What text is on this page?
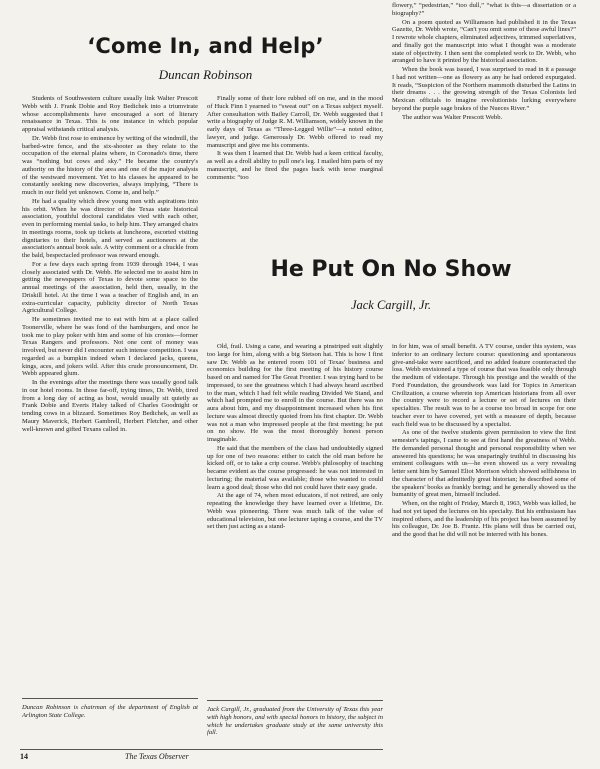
‘Come In, and Help’

Duncan Robinson

Students of Southwestern culture usually link Walter Prescott Webb with J. Frank Dobie and Roy Bedichek into a triumvirate whose accomplishments have encouraged a sort of literary renaissance in Texas. This is one instance in which popular appraisal withstands critical analysis.

Dr. Webb first rose to eminence by writing of the windmill, the barbed-wire fence, and the six-shooter as they relate to the occupation of the eternal plains where, in Coronado's time, there was “nothing but cows and sky.” He became the country's authority on the history of the area and one of the major analysts of the westward movement. Yet to his classes he appeared to be constantly seeking new discoveries, always implying, “There is much in our field yet unknown. Come in, and help.”

He had a quality which drew young men with aspirations into his orbit. When he was director of the Texas state historical association, youthful doctoral candidates vied with each other, even in performing menial tasks, to help him. They arranged chairs in meetings rooms, took up tickets at luncheons, escorted visiting dignitaries to their hotels, and served as auctioneers at the association's annual book sale. A witty comment or a chuckle from the bald, bespectacled professor was reward enough.

For a few days each spring from 1939 through 1944, I was closely associated with Dr. Webb. He selected me to assist him in getting the newspapers of Texas to devote some space to the annual meetings of the association, held then, usually, in the Driskill hotel. At the time I was a teacher of English and, in an extra-curricular capacity, publicity director of North Texas Agricultural College.

He sometimes invited me to eat with him at a place called Toonerville, where he was fond of the hamburgers, and once he took me to play poker with him and some of his cronies—former Texas Rangers and professors. Not one cent of money was involved, but never did I encounter such intense competition. I was regarded as a bumpkin indeed when I declared jacks, queens, kings, aces, and jokers wild. After this crude pronouncement, Dr. Webb appeared glum.

In the evenings after the meetings there was usually good talk in our hotel rooms. In those far-off, trying times, Dr. Webb, tired from a long day of acting as host, would usually sit quietly as Frank Dobie and Everts Haley talked of Charles Goodnight or tending cows in a blizzard. Sometimes Roy Bedichek, as well as Maury Maverick, Herbert Gambrell, Herbert Fletcher, and other well-known and gifted Texans called in.

Finally some of their lore rubbed off on me, and in the mood of Huck Finn I yearned to “sweat out” on a Texas subject myself. After consultation with Bailey Carroll, Dr. Webb suggested that I write a biography of Judge R. M. Williamson, widely known in the early days of Texas as “Three-Legged Willie”—a noted editor, lawyer, and judge. Generously Dr. Webb offered to read my manuscript and give me his comments.

It was then I learned that Dr. Webb had a keen critical faculty, as well as a droll ability to pull one's leg. I mailed him parts of my manuscript, and he fired the pages back with terse marginal comments: “too

flowery,” “pedestrian,” “too dull,” “what is this—a dissertation or a biography?”

On a poem quoted as Williamson had published it in the Texas Gazette, Dr. Webb wrote, “Can't you omit some of these awful lines?” I rewrote whole chapters, eliminated adjectives, trimmed superlatives, and finally got the manuscript into what I thought was a moderate state of objectivity. I then sent the completed work to Dr. Webb, who arranged to have it printed by the historical association.

When the book was issued, I was surprised to read in it a passage I had not written—one as flowery as any he had ordered expurgated. It reads, “Suspicion of the Northern mammoth disturbed the Latins in their dreams . . . the growing strength of the Texas Colonists led Mexican officials to imagine revolutionists lurking everywhere beyond the purple sage brakes of the Nueces River.”

The author was Walter Prescott Webb.

Duncan Robinson is chairman of the department of English at Arlington State College.

He Put On No Show

Jack Cargill, Jr.

Old, frail. Using a cane, and wearing a pinstriped suit slightly too large for him, along with a big Stetson hat. This is how I first saw Dr. Webb as he entered room 101 of Texas' business and economics building for the first meeting of his history course based on and named for The Great Frontier. I was trying hard to be impressed, to see the greatness which I had always heard ascribed to the man, which I had felt while reading Divided We Stand, and which had prompted me to enroll in the course. But there was no aura about him, and my disappointment increased when his first lecture was almost directly quoted from his first chapter. Dr. Webb was not a man who impressed people at the first meeting; he put on no show. He was the most thoroughly honest person imaginable.

He said that the members of the class had undoubtedly signed up for one of two reasons: either to catch the old man before he kicked off, or to take a crip course. Webb's philosophy of teaching became evident as the course progressed: he was not interested in lecturing; the material was available; those who wanted to could learn a good deal; those who did not could have their easy grade.

At the age of 74, when most educators, if not retired, are only repeating the knowledge they have learned over a lifetime, Dr. Webb was pioneering. There was much talk of the value of educational television, but one lecturer taping a course, and the TV set then just acting as a stand-

in for him, was of small benefit. A TV course, under this system, was inferior to an ordinary lecture course: questioning and spontaneous give-and-take were sacrificed, and no added feature counteracted the loss. Webb envisioned a type of course that was feasible only through the medium of videotape. Through his prestige and the wealth of the Ford Foundation, the groundwork was laid for Topics in American Civilization, a course wherein top American historians from all over the country were to record a lecture or set of lectures on their specialties. The result was to be a course too broad in scope for one teacher ever to have covered, yet with a measure of depth, because each field was to be discussed by a specialist.

As one of the twelve students given permission to view the first semester's tapings, I came to see at first hand the greatness of Webb. He demanded personal thought and personal responsibility when we answered his questions; he was unsparingly truthful in discussing his eminent colleagues with us—he even showed us a very revealing letter sent him by Samuel Eliot Morrison which showed selfishness in the character of that admittedly great historian; he described some of the speakers' books as frankly boring; and he generally showed us the humanity of great men, himself included.

When, on the night of Friday, March 8, 1963, Webb was killed, he had not yet taped the lectures on his specialty. But his enthusiasm has inspired others, and the leadership of his project has been assumed by his colleague, Dr. Joe B. Frantz. His plans will thus be carried out, and the good that he did will not be interred with his bones.

Jack Cargill, Jr., graduated from the University of Texas this year with high honors, and with special honors in history, the subject in which he undertakes graduate study at the same university this fall.

14	The Texas Observer
